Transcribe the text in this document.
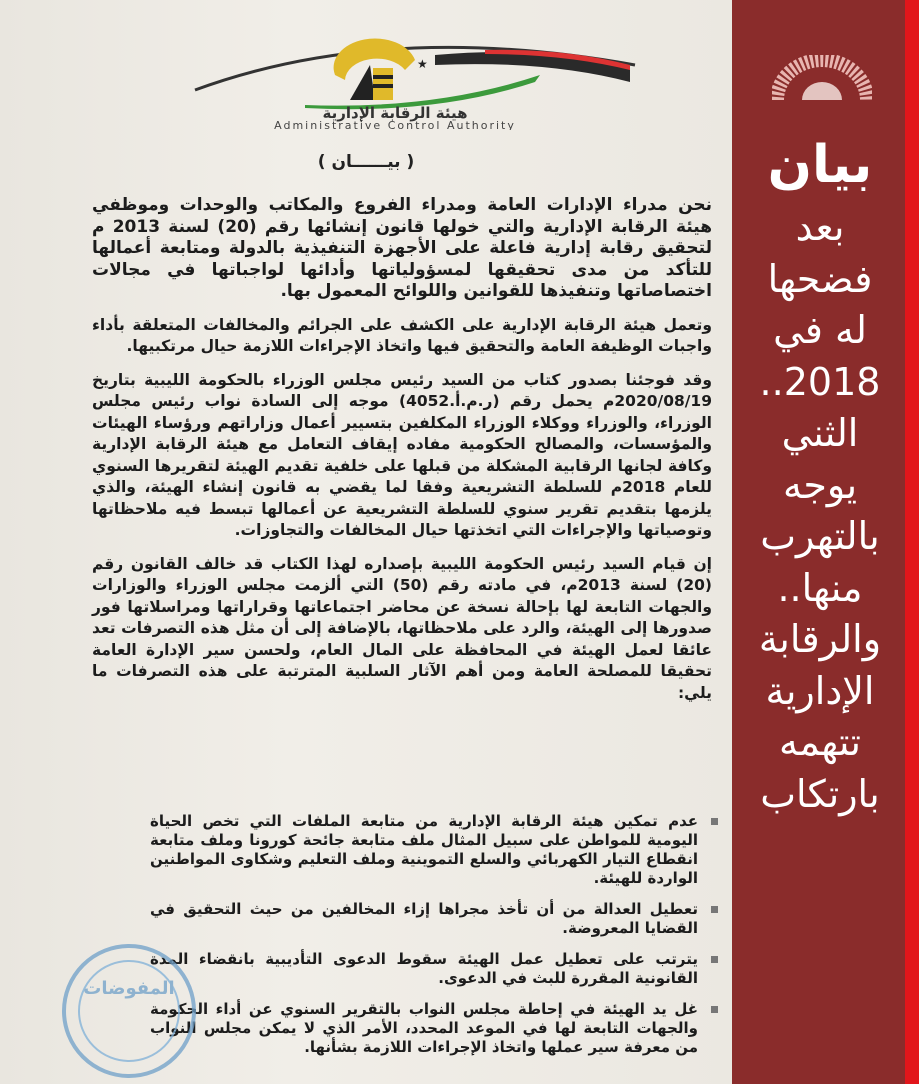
★
هيئة الرقابة الإدارية
Administrative Control Authority
( بيــــــان )

نحن مدراء الإدارات العامة ومدراء الفروع والمكاتب والوحدات وموظفي هيئة الرقابة الإدارية والتي خولها قانون إنشائها رقم (20) لسنة 2013 م لتحقيق رقابة إدارية فاعلة على الأجهزة التنفيذية بالدولة ومتابعة أعمالها للتأكد من مدى تحقيقها لمسؤولياتها وأدائها لواجباتها في مجالات اختصاصاتها وتنفيذها للقوانين واللوائح المعمول بها.

وتعمل هيئة الرقابة الإدارية على الكشف على الجرائم والمخالفات المتعلقة بأداء واجبات الوظيفة العامة والتحقيق فيها واتخاذ الإجراءات اللازمة حيال مرتكبيها.

وقد فوجئنا بصدور كتاب من السيد رئيس مجلس الوزراء بالحكومة الليبية بتاريخ 2020/08/19م يحمل رقم (ر.م.أ.4052) موجه إلى السادة نواب رئيس مجلس الوزراء، والوزراء ووكلاء الوزراء المكلفين بتسيير أعمال وزاراتهم ورؤساء الهيئات والمؤسسات، والمصالح الحكومية مفاده إيقاف التعامل مع هيئة الرقابة الإدارية وكافة لجانها الرقابية المشكلة من قبلها على خلفية تقديم الهيئة لتقريرها السنوي للعام 2018م للسلطة التشريعية وفقا لما يقضي به قانون إنشاء الهيئة، والذي يلزمها بتقديم تقرير سنوي للسلطة التشريعية عن أعمالها تبسط فيه ملاحظاتها وتوصياتها والإجراءات التي اتخذتها حيال المخالفات والتجاوزات.

إن قيام السيد رئيس الحكومة الليبية بإصداره لهذا الكتاب قد خالف القانون رقم (20) لسنة 2013م، في مادته رقم (50) التي ألزمت مجلس الوزراء والوزارات والجهات التابعة لها بإحالة نسخة عن محاضر اجتماعاتها وقراراتها ومراسلاتها فور صدورها إلى الهيئة، والرد على ملاحظاتها، بالإضافة إلى أن مثل هذه التصرفات تعد عائقا لعمل الهيئة في المحافظة على المال العام، ولحسن سير الإدارة العامة تحقيقا للمصلحة العامة ومن أهم الآثار السلبية المترتبة على هذه التصرفات ما يلي:

عدم تمكين هيئة الرقابة الإدارية من متابعة الملفات التي تخص الحياة اليومية للمواطن على سبيل المثال ملف متابعة جائحة كورونا وملف متابعة انقطاع التيار الكهربائي والسلع التموينية وملف التعليم وشكاوى المواطنين الواردة للهيئة.
تعطيل العدالة من أن تأخذ مجراها إزاء المخالفين من حيث التحقيق في القضايا المعروضة.
يترتب على تعطيل عمل الهيئة سقوط الدعوى التأديبية بانقضاء المدة القانونية المقررة للبث في الدعوى.
غل يد الهيئة في إحاطة مجلس النواب بالتقرير السنوي عن أداء الحكومة والجهات التابعة لها في الموعد المحدد، الأمر الذي لا يمكن مجلس النواب من معرفة سير عملها واتخاذ الإجراءات اللازمة بشأنها.
المفوضات
بيان
بعد
فضحها
له في
2018..
الثني
يوجه
بالتهرب
منها..
والرقابة
الإدارية
تتهمه
بارتكاب
